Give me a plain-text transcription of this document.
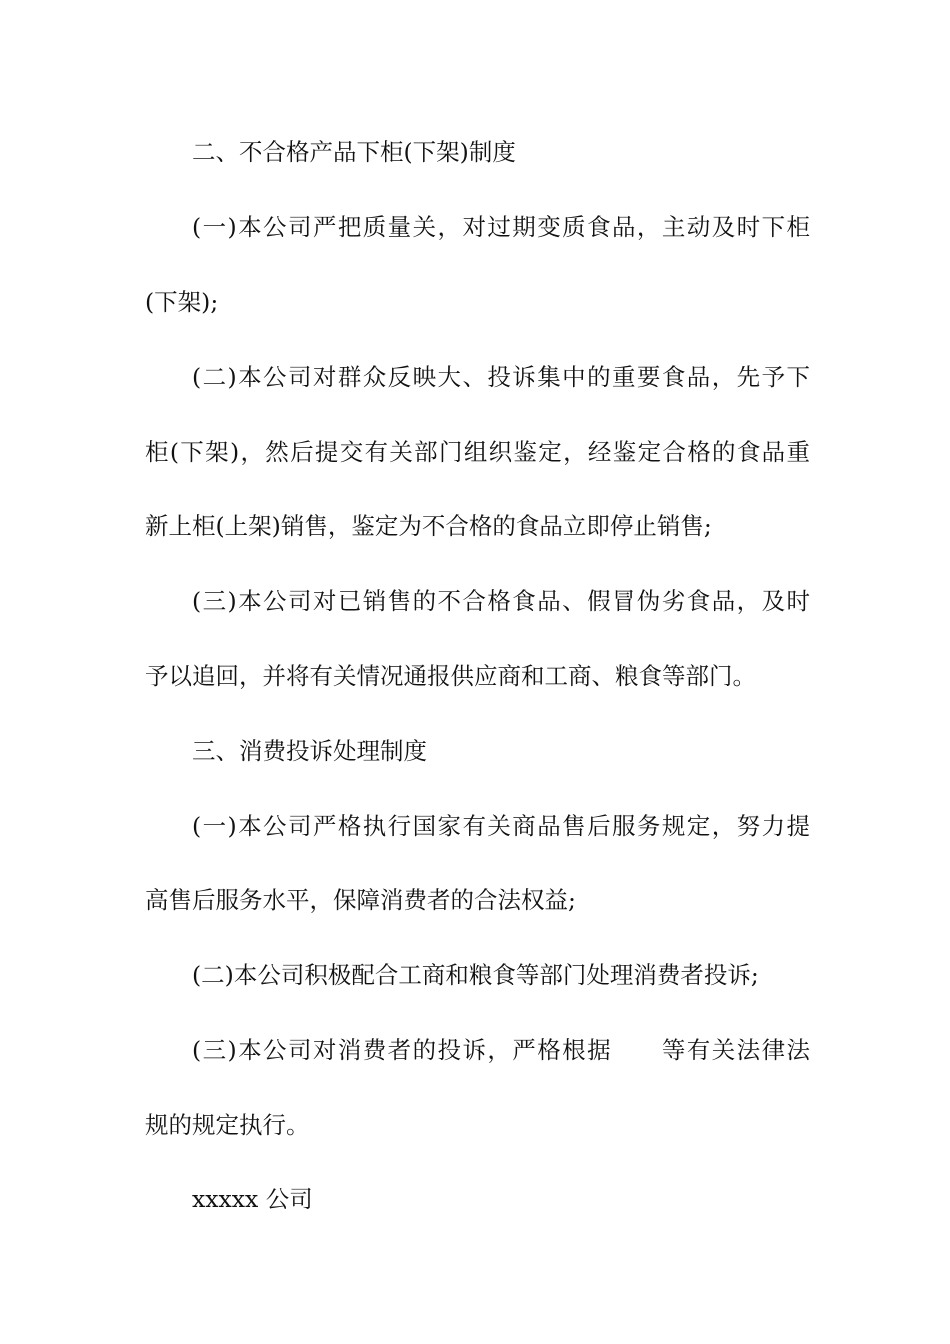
二、不合格产品下柜(下架)制度
(一)本公司严把质量关，对过期变质食品，主动及时下柜
(下架);
(二)本公司对群众反映大、投诉集中的重要食品，先予下
柜(下架)，然后提交有关部门组织鉴定，经鉴定合格的食品重
新上柜(上架)销售，鉴定为不合格的食品立即停止销售;
(三)本公司对已销售的不合格食品、假冒伪劣食品，及时
予以追回，并将有关情况通报供应商和工商、粮食等部门。
三、消费投诉处理制度
(一)本公司严格执行国家有关商品售后服务规定，努力提
高售后服务水平，保障消费者的合法权益;
(二)本公司积极配合工商和粮食等部门处理消费者投诉;
(三)本公司对消费者的投诉，严格根据　　等有关法律法
规的规定执行。
xxxxx 公司
